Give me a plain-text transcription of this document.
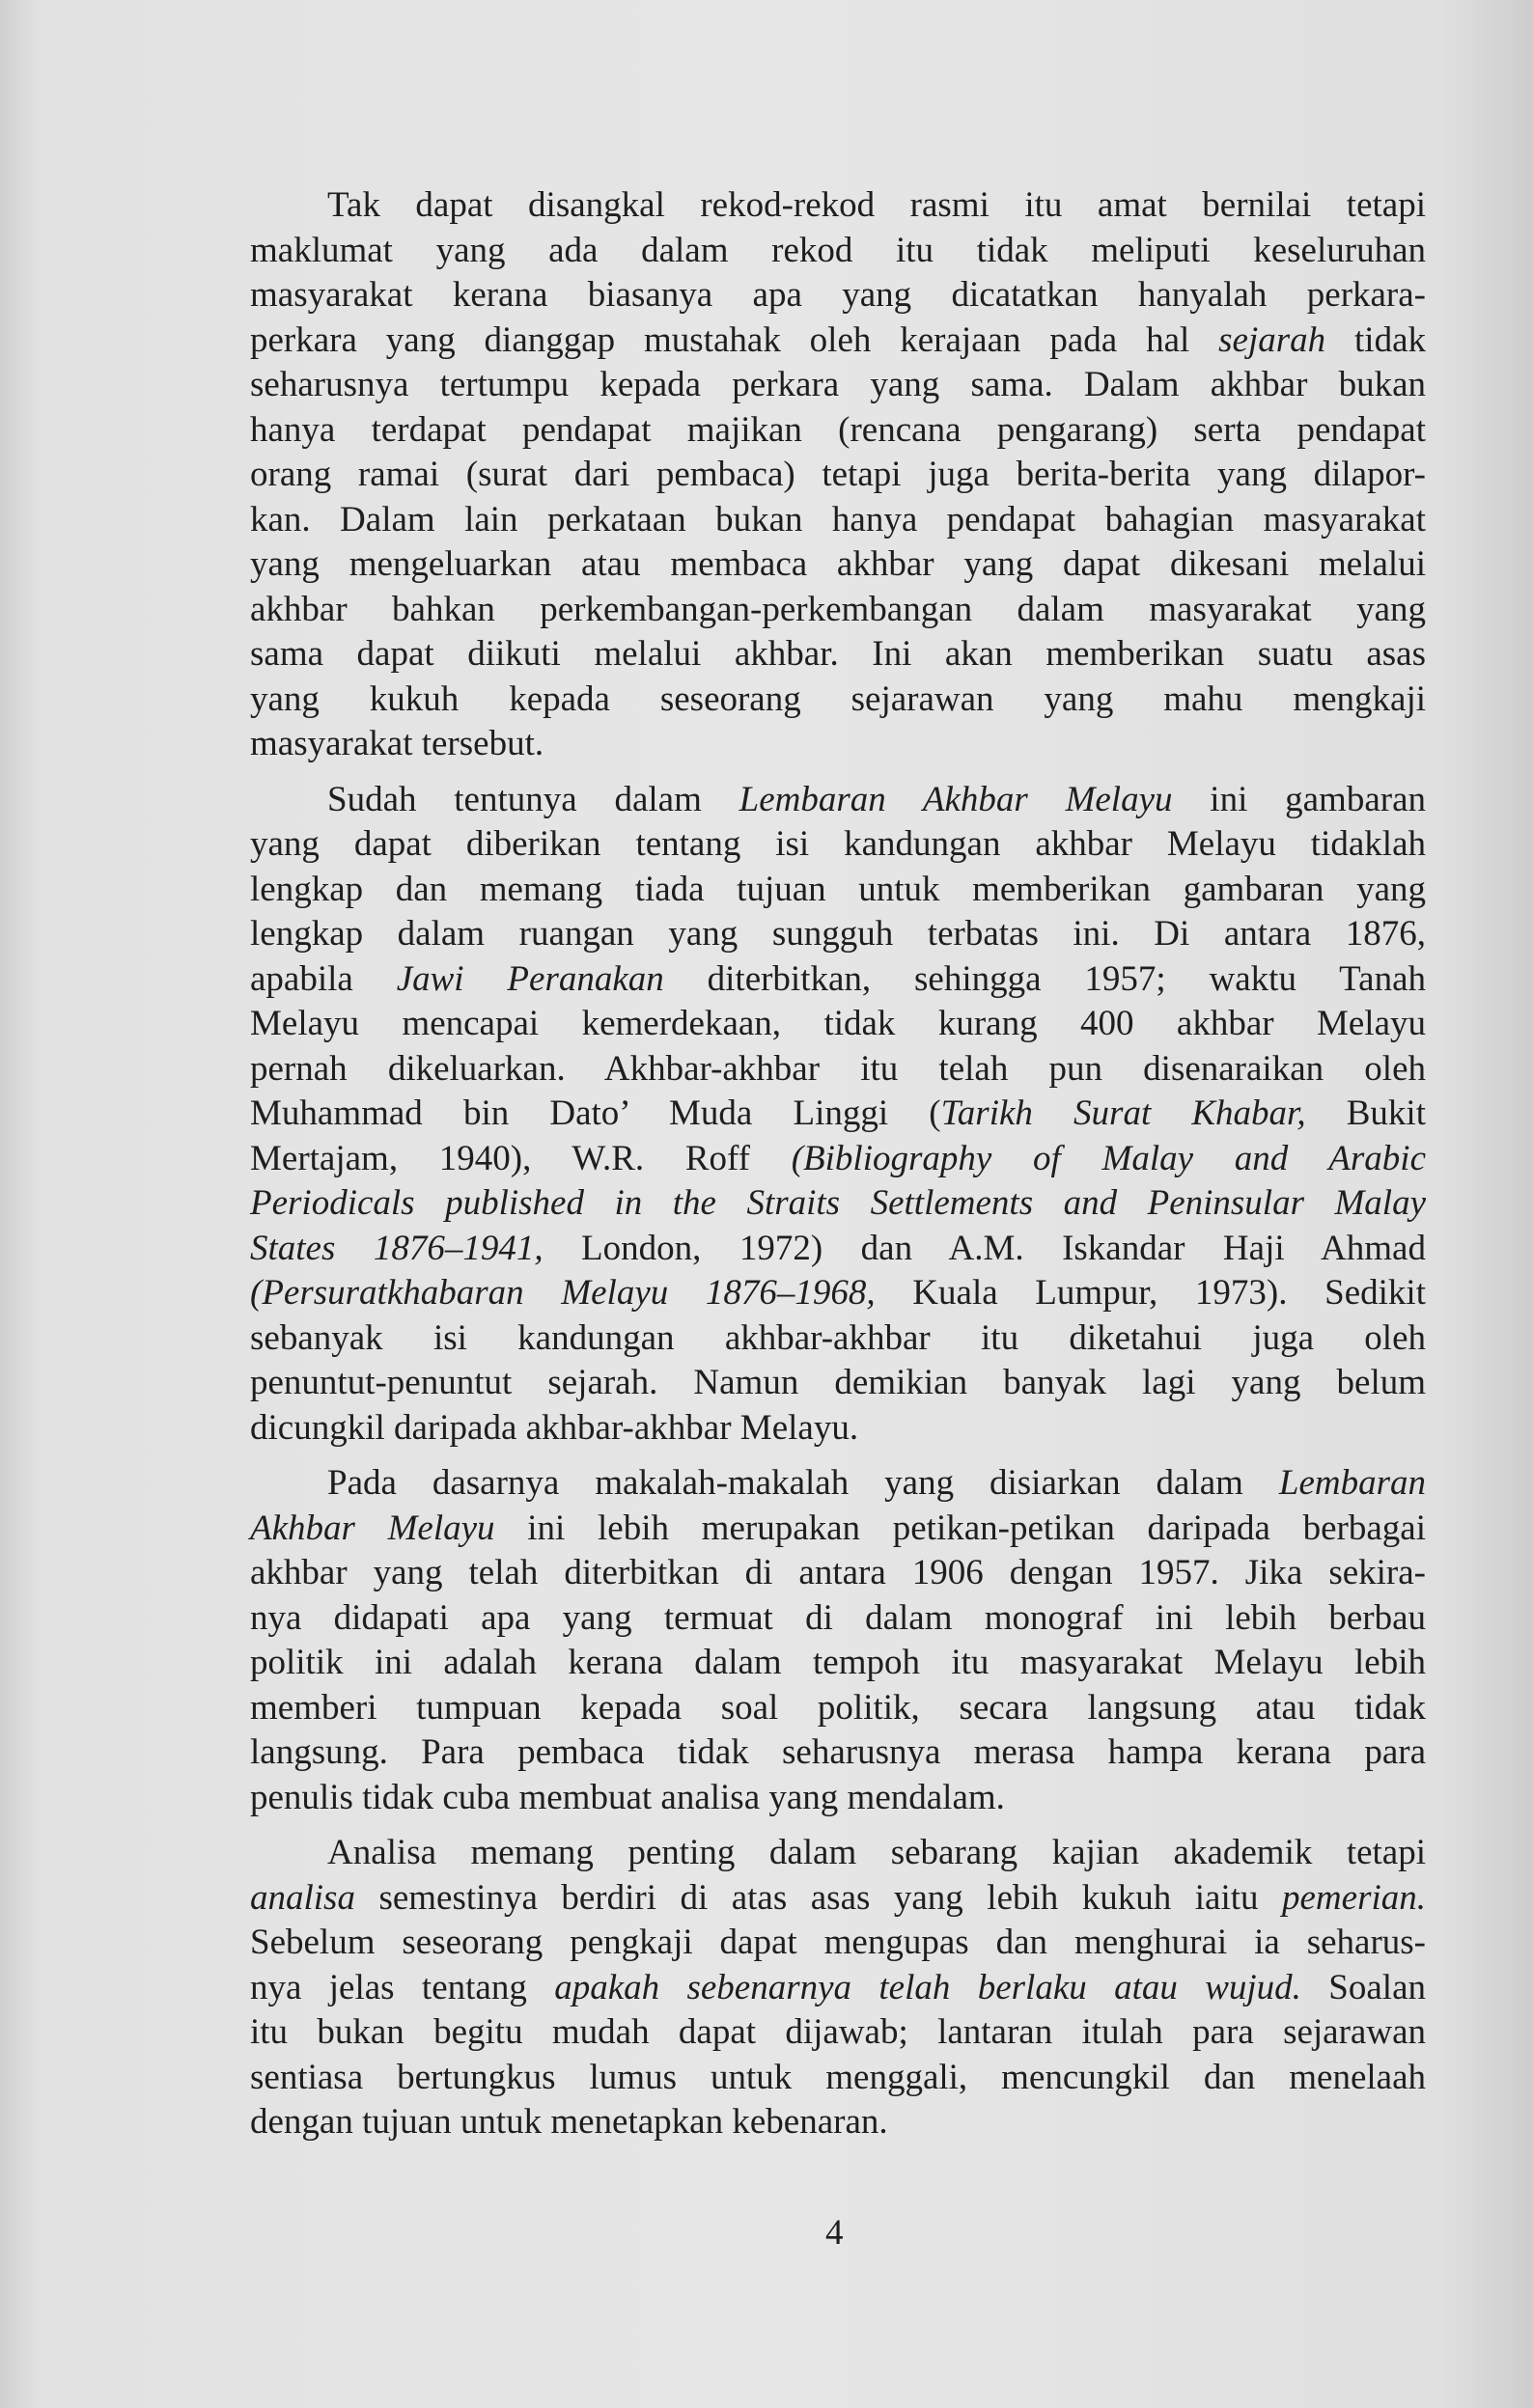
Tak dapat disangkal rekod-rekod rasmi itu amat bernilai tetapi
maklumat yang ada dalam rekod itu tidak meliputi keseluruhan
masyarakat kerana biasanya apa yang dicatatkan hanyalah perkara-
perkara yang dianggap mustahak oleh kerajaan pada hal sejarah tidak
seharusnya tertumpu kepada perkara yang sama. Dalam akhbar bukan
hanya terdapat pendapat majikan (rencana pengarang) serta pendapat
orang ramai (surat dari pembaca) tetapi juga berita-berita yang dilapor-
kan. Dalam lain perkataan bukan hanya pendapat bahagian masyarakat
yang mengeluarkan atau membaca akhbar yang dapat dikesani melalui
akhbar bahkan perkembangan-perkembangan dalam masyarakat yang
sama dapat diikuti melalui akhbar. Ini akan memberikan suatu asas
yang kukuh kepada seseorang sejarawan yang mahu mengkaji
masyarakat tersebut.
Sudah tentunya dalam Lembaran Akhbar Melayu ini gambaran
yang dapat diberikan tentang isi kandungan akhbar Melayu tidaklah
lengkap dan memang tiada tujuan untuk memberikan gambaran yang
lengkap dalam ruangan yang sungguh terbatas ini. Di antara 1876,
apabila Jawi Peranakan diterbitkan, sehingga 1957; waktu Tanah
Melayu mencapai kemerdekaan, tidak kurang 400 akhbar Melayu
pernah dikeluarkan. Akhbar-akhbar itu telah pun disenaraikan oleh
Muhammad bin Dato’ Muda Linggi (Tarikh Surat Khabar, Bukit
Mertajam, 1940), W.R. Roff (Bibliography of Malay and Arabic
Periodicals published in the Straits Settlements and Peninsular Malay
States 1876–1941, London, 1972) dan A.M. Iskandar Haji Ahmad
(Persuratkhabaran Melayu 1876–1968, Kuala Lumpur, 1973). Sedikit
sebanyak isi kandungan akhbar-akhbar itu diketahui juga oleh
penuntut-penuntut sejarah. Namun demikian banyak lagi yang belum
dicungkil daripada akhbar-akhbar Melayu.
Pada dasarnya makalah-makalah yang disiarkan dalam Lembaran
Akhbar Melayu ini lebih merupakan petikan-petikan daripada berbagai
akhbar yang telah diterbitkan di antara 1906 dengan 1957. Jika sekira-
nya didapati apa yang termuat di dalam monograf ini lebih berbau
politik ini adalah kerana dalam tempoh itu masyarakat Melayu lebih
memberi tumpuan kepada soal politik, secara langsung atau tidak
langsung. Para pembaca tidak seharusnya merasa hampa kerana para
penulis tidak cuba membuat analisa yang mendalam.
Analisa memang penting dalam sebarang kajian akademik tetapi
analisa semestinya berdiri di atas asas yang lebih kukuh iaitu pemerian.
Sebelum seseorang pengkaji dapat mengupas dan menghurai ia seharus-
nya jelas tentang apakah sebenarnya telah berlaku atau wujud. Soalan
itu bukan begitu mudah dapat dijawab; lantaran itulah para sejarawan
sentiasa bertungkus lumus untuk menggali, mencungkil dan menelaah
dengan tujuan untuk menetapkan kebenaran.
4
